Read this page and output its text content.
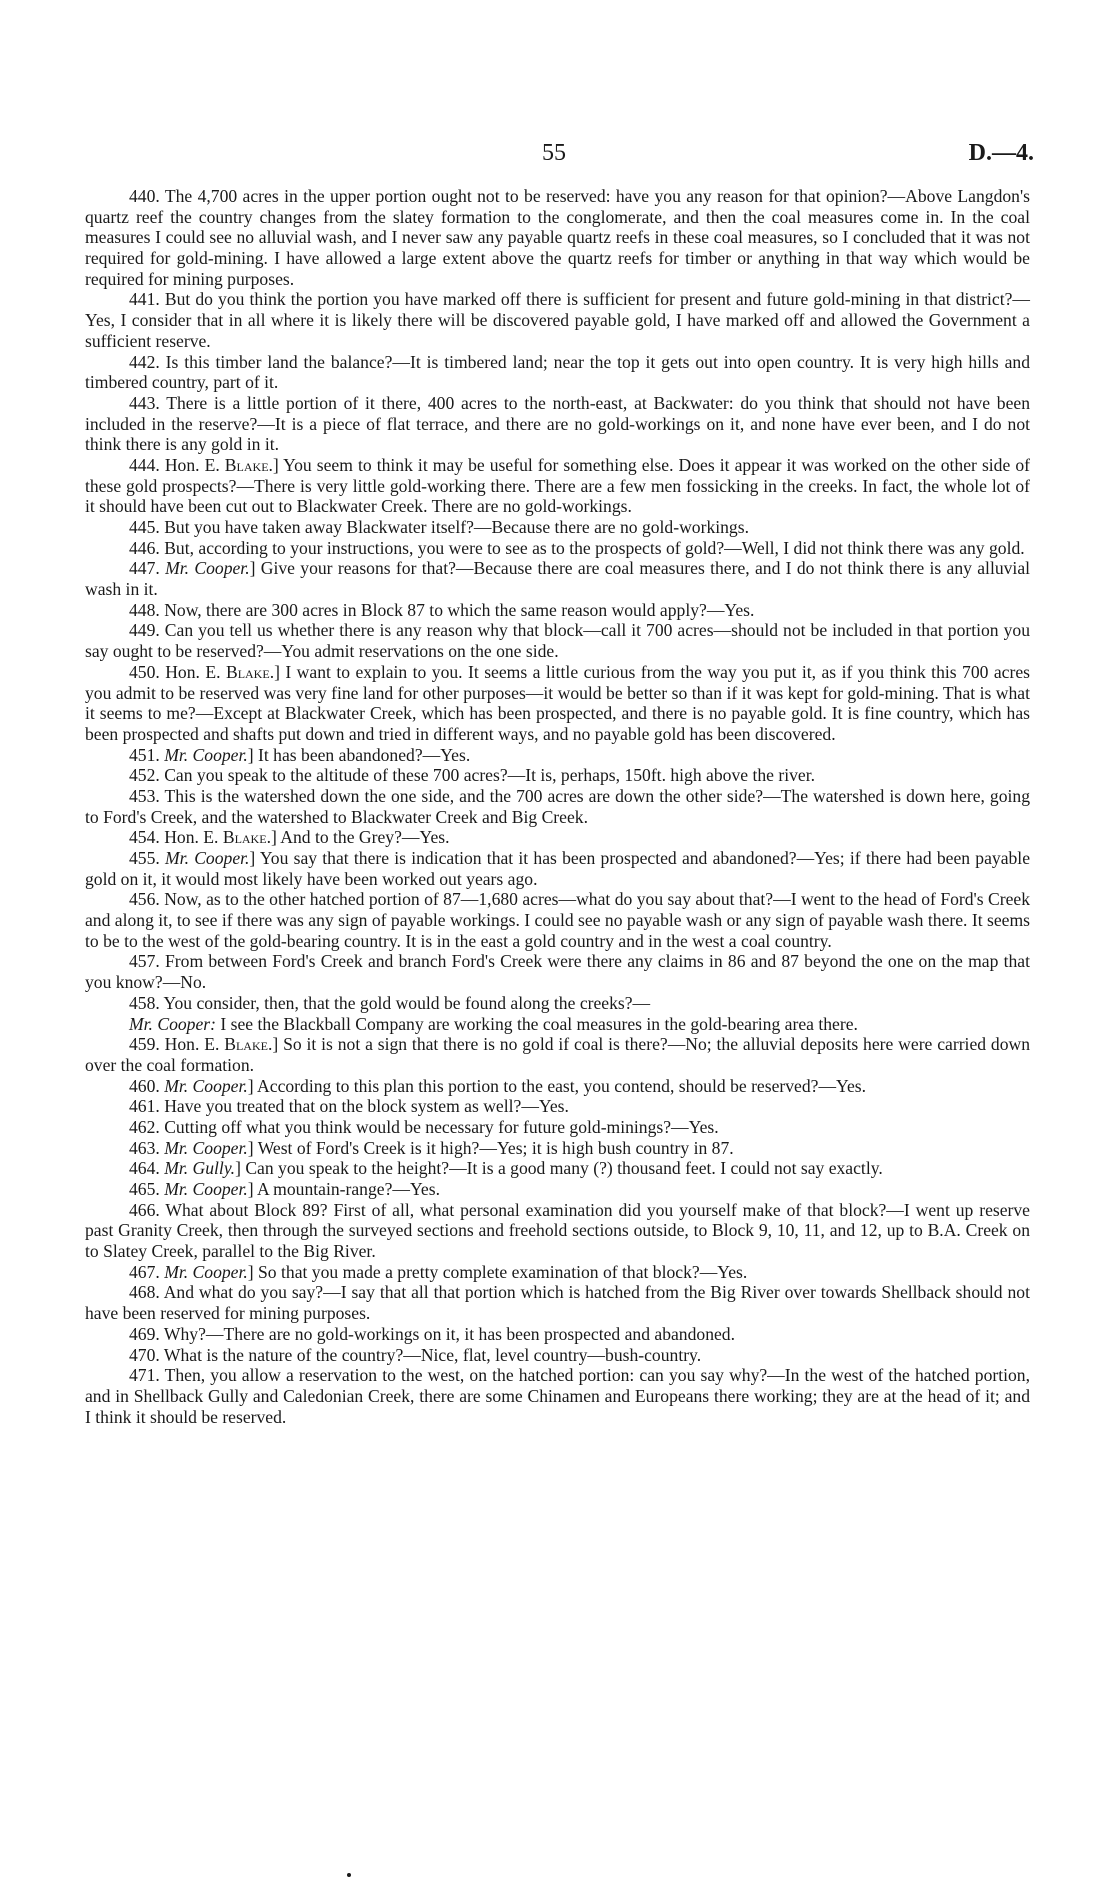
55	D.—4.

440. The 4,700 acres in the upper portion ought not to be reserved: have you any reason for that opinion?—Above Langdon's quartz reef the country changes from the slatey formation to the conglomerate, and then the coal measures come in. In the coal measures I could see no alluvial wash, and I never saw any payable quartz reefs in these coal measures, so I concluded that it was not required for gold-mining. I have allowed a large extent above the quartz reefs for timber or anything in that way which would be required for mining purposes.

441. But do you think the portion you have marked off there is sufficient for present and future gold-mining in that district?—Yes, I consider that in all where it is likely there will be discovered payable gold, I have marked off and allowed the Government a sufficient reserve.

442. Is this timber land the balance?—It is timbered land; near the top it gets out into open country. It is very high hills and timbered country, part of it.

443. There is a little portion of it there, 400 acres to the north-east, at Backwater: do you think that should not have been included in the reserve?—It is a piece of flat terrace, and there are no gold-workings on it, and none have ever been, and I do not think there is any gold in it.

444. Hon. E. Blake.] You seem to think it may be useful for something else. Does it appear it was worked on the other side of these gold prospects?—There is very little gold-working there. There are a few men fossicking in the creeks. In fact, the whole lot of it should have been cut out to Blackwater Creek. There are no gold-workings.

445. But you have taken away Blackwater itself?—Because there are no gold-workings.

446. But, according to your instructions, you were to see as to the prospects of gold?—Well, I did not think there was any gold.

447. Mr. Cooper.] Give your reasons for that?—Because there are coal measures there, and I do not think there is any alluvial wash in it.

448. Now, there are 300 acres in Block 87 to which the same reason would apply?—Yes.

449. Can you tell us whether there is any reason why that block—call it 700 acres—should not be included in that portion you say ought to be reserved?—You admit reservations on the one side.

450. Hon. E. Blake.] I want to explain to you. It seems a little curious from the way you put it, as if you think this 700 acres you admit to be reserved was very fine land for other purposes—it would be better so than if it was kept for gold-mining. That is what it seems to me?—Except at Blackwater Creek, which has been prospected, and there is no payable gold. It is fine country, which has been prospected and shafts put down and tried in different ways, and no payable gold has been discovered.

451. Mr. Cooper.] It has been abandoned?—Yes.

452. Can you speak to the altitude of these 700 acres?—It is, perhaps, 150ft. high above the river.

453. This is the watershed down the one side, and the 700 acres are down the other side?—The watershed is down here, going to Ford's Creek, and the watershed to Blackwater Creek and Big Creek.

454. Hon. E. Blake.] And to the Grey?—Yes.

455. Mr. Cooper.] You say that there is indication that it has been prospected and abandoned?—Yes; if there had been payable gold on it, it would most likely have been worked out years ago.

456. Now, as to the other hatched portion of 87—1,680 acres—what do you say about that?—I went to the head of Ford's Creek and along it, to see if there was any sign of payable workings. I could see no payable wash or any sign of payable wash there. It seems to be to the west of the gold-bearing country. It is in the east a gold country and in the west a coal country.

457. From between Ford's Creek and branch Ford's Creek were there any claims in 86 and 87 beyond the one on the map that you know?—No.

458. You consider, then, that the gold would be found along the creeks?—

Mr. Cooper: I see the Blackball Company are working the coal measures in the gold-bearing area there.

459. Hon. E. Blake.] So it is not a sign that there is no gold if coal is there?—No; the alluvial deposits here were carried down over the coal formation.

460. Mr. Cooper.] According to this plan this portion to the east, you contend, should be reserved?—Yes.

461. Have you treated that on the block system as well?—Yes.

462. Cutting off what you think would be necessary for future gold-minings?—Yes.

463. Mr. Cooper.] West of Ford's Creek is it high?—Yes; it is high bush country in 87.

464. Mr. Gully.] Can you speak to the height?—It is a good many (?) thousand feet. I could not say exactly.

465. Mr. Cooper.] A mountain-range?—Yes.

466. What about Block 89? First of all, what personal examination did you yourself make of that block?—I went up reserve past Granity Creek, then through the surveyed sections and freehold sections outside, to Block 9, 10, 11, and 12, up to B.A. Creek on to Slatey Creek, parallel to the Big River.

467. Mr. Cooper.] So that you made a pretty complete examination of that block?—Yes.

468. And what do you say?—I say that all that portion which is hatched from the Big River over towards Shellback should not have been reserved for mining purposes.

469. Why?—There are no gold-workings on it, it has been prospected and abandoned.

470. What is the nature of the country?—Nice, flat, level country—bush-country.

471. Then, you allow a reservation to the west, on the hatched portion: can you say why?—In the west of the hatched portion, and in Shellback Gully and Caledonian Creek, there are some Chinamen and Europeans there working; they are at the head of it; and I think it should be reserved.
